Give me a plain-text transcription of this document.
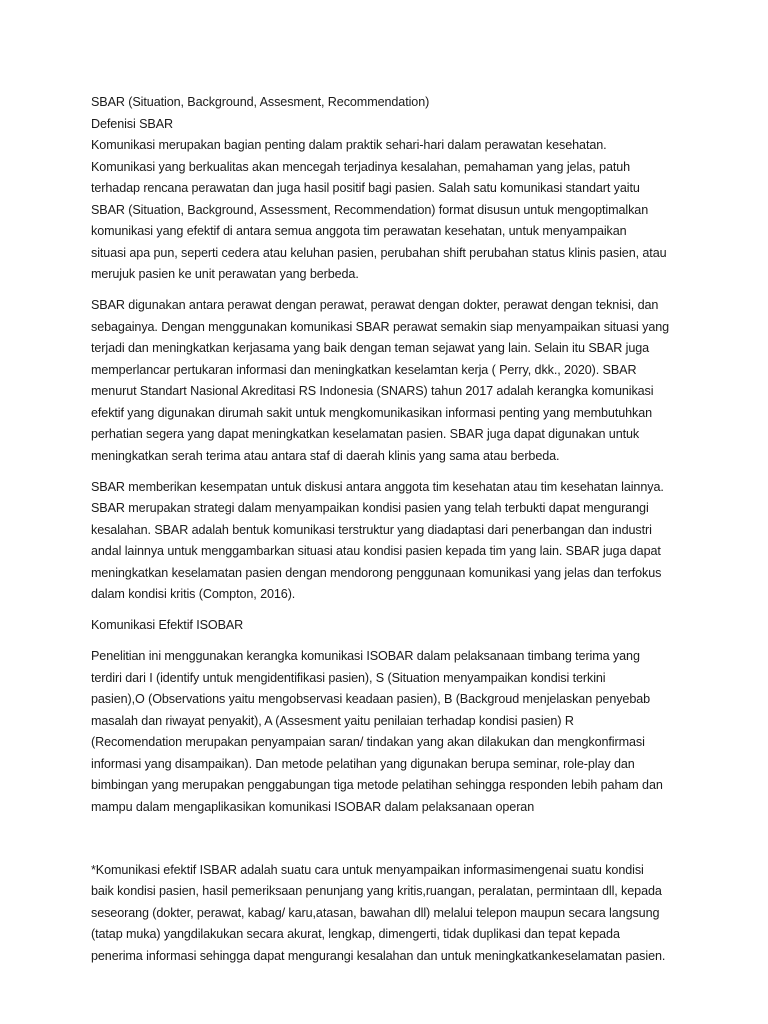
SBAR (Situation, Background, Assesment, Recommendation)
Defenisi SBAR
Komunikasi merupakan bagian penting dalam praktik sehari-hari dalam perawatan kesehatan.
Komunikasi yang berkualitas akan mencegah terjadinya kesalahan, pemahaman yang jelas, patuh
terhadap rencana perawatan dan juga hasil positif bagi pasien. Salah satu komunikasi standart yaitu
SBAR (Situation, Background, Assessment, Recommendation) format disusun untuk mengoptimalkan
komunikasi yang efektif di antara semua anggota tim perawatan kesehatan, untuk menyampaikan
situasi apa pun, seperti cedera atau keluhan pasien, perubahan shift perubahan status klinis pasien, atau
merujuk pasien ke unit perawatan yang berbeda.
SBAR digunakan antara perawat dengan perawat, perawat dengan dokter, perawat dengan teknisi, dan
sebagainya. Dengan menggunakan komunikasi SBAR perawat semakin siap menyampaikan situasi yang
terjadi dan meningkatkan kerjasama yang baik dengan teman sejawat yang lain. Selain itu SBAR juga
memperlancar pertukaran informasi dan meningkatkan keselamtan kerja ( Perry, dkk., 2020). SBAR
menurut Standart Nasional Akreditasi RS Indonesia (SNARS) tahun 2017 adalah kerangka komunikasi
efektif yang digunakan dirumah sakit untuk mengkomunikasikan informasi penting yang membutuhkan
perhatian segera yang dapat meningkatkan keselamatan pasien. SBAR juga dapat digunakan untuk
meningkatkan serah terima atau antara staf di daerah klinis yang sama atau berbeda.
SBAR memberikan kesempatan untuk diskusi antara anggota tim kesehatan atau tim kesehatan lainnya.
SBAR merupakan strategi dalam menyampaikan kondisi pasien yang telah terbukti dapat mengurangi
kesalahan. SBAR adalah bentuk komunikasi terstruktur yang diadaptasi dari penerbangan dan industri
andal lainnya untuk menggambarkan situasi atau kondisi pasien kepada tim yang lain. SBAR juga dapat
meningkatkan keselamatan pasien dengan mendorong penggunaan komunikasi yang jelas dan terfokus
dalam kondisi kritis (Compton, 2016).
Komunikasi Efektif ISOBAR
Penelitian ini menggunakan kerangka komunikasi ISOBAR dalam pelaksanaan timbang terima yang
terdiri dari I (identify untuk mengidentifikasi pasien), S (Situation menyampaikan kondisi terkini
pasien),O (Observations yaitu mengobservasi keadaan pasien), B (Backgroud menjelaskan penyebab
masalah dan riwayat penyakit), A (Assesment yaitu penilaian terhadap kondisi pasien) R
(Recomendation merupakan penyampaian saran/ tindakan yang akan dilakukan dan mengkonfirmasi
informasi yang disampaikan). Dan metode pelatihan yang digunakan berupa seminar, role-play dan
bimbingan yang merupakan penggabungan tiga metode pelatihan sehingga responden lebih paham dan
mampu dalam mengaplikasikan komunikasi ISOBAR dalam pelaksanaan operan
*Komunikasi efektif ISBAR adalah suatu cara untuk menyampaikan informasimengenai suatu kondisi
baik kondisi pasien, hasil pemeriksaan penunjang yang kritis,ruangan, peralatan, permintaan dll, kepada
seseorang (dokter, perawat, kabag/ karu,atasan, bawahan dll) melalui telepon maupun secara langsung
(tatap muka) yangdilakukan secara akurat, lengkap, dimengerti, tidak duplikasi dan tepat kepada
penerima informasi sehingga dapat mengurangi kesalahan dan untuk meningkatkankeselamatan pasien.
